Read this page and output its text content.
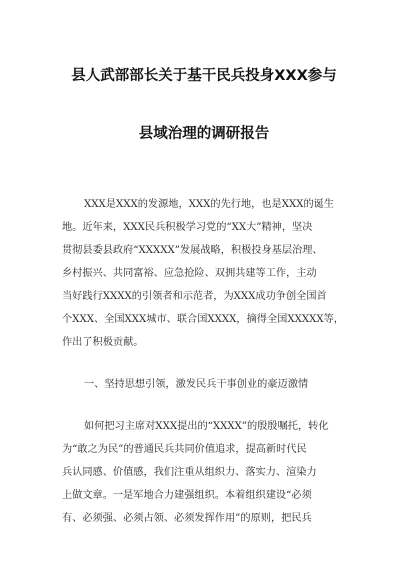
县人武部部长关于基干民兵投身XXX参与
县域治理的调研报告
XXX是XXX的发源地，XXX的先行地，也是XXX的诞生
地。近年来，XXX民兵积极学习党的“XX大”精神，坚决
贯彻县委县政府“XXXXX”发展战略，积极投身基层治理、
乡村振兴、共同富裕、应急抢险、双拥共建等工作，主动
当好践行XXXX的引领者和示范者，为XXX成功争创全国首
个XXX、全国XXX城市、联合国XXXX，摘得全国XXXXX等，
作出了积极贡献。
一、坚持思想引领，激发民兵干事创业的豪迈激情
如何把习主席对XXX提出的“XXXX”的殷殷嘱托，转化
为“敢之为民”的普通民兵共同价值追求，提高新时代民
兵认同感、价值感，我们注重从组织力、落实力、渲染力
上做文章。一是军地合力建强组织。本着组织建设“必须
有、必须强、必须占领、必须发挥作用”的原则，把民兵
